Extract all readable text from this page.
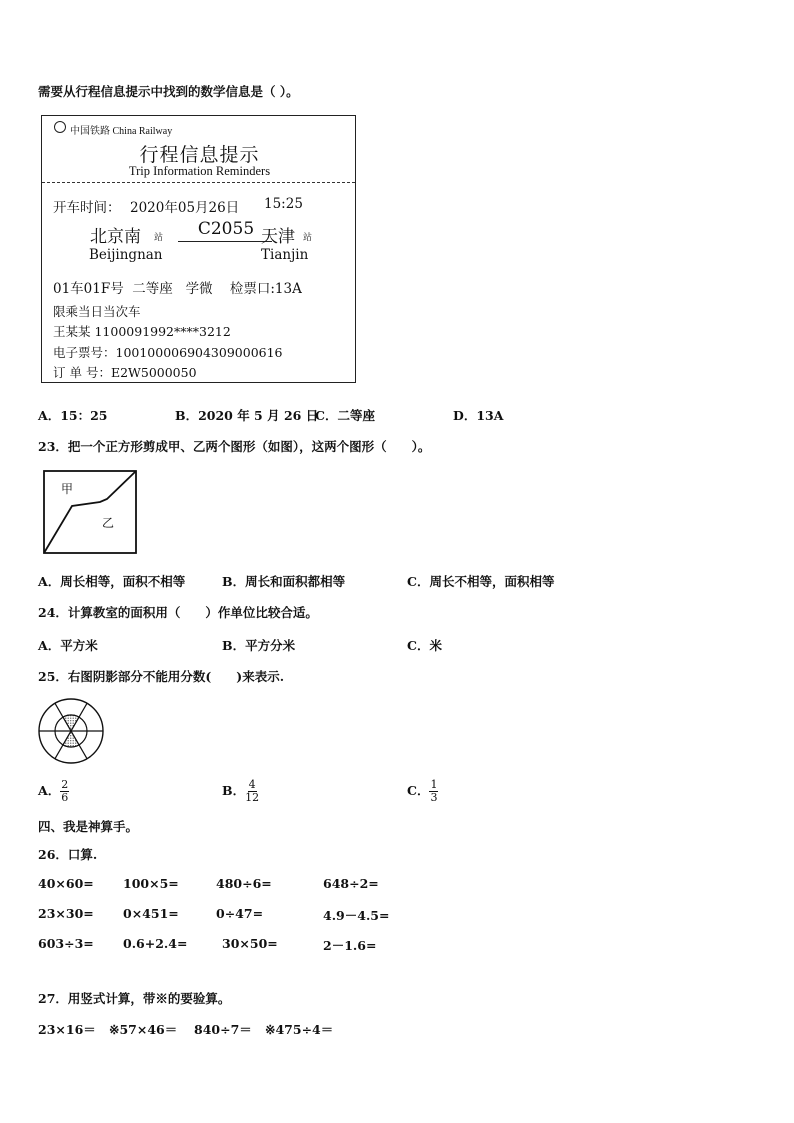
需要从行程信息提示中找到的数学信息是（ ）。
中国铁路 China Railway
行程信息提示
Trip Information Reminders
开车时间： 2020年05月26日 15:25
北京南 站	C2055 天津 站
Beijingnan	Tianjin
01车01F号  二等座   学微    检票口:13A
限乘当日当次车
王某某 1100091992****3212
电子票号：10010000690430900061​6
订 单 号：E2W5000050
A．15：25	B．2020 年 5 月 26 日
C．二等座	D．13A
23．把一个正方形剪成甲、乙两个图形（如图），这两个图形（　　）。
甲
乙
A．周长相等，面积不相等	B．周长和面积都相等	C．周长不相等，面积相等
24．计算教室的面积用（　　）作单位比较合适。
A．平方米	B．平方分米	C．米
25．右图阴影部分不能用分数(　　)来表示.
A． $\frac{2}{6}$	B． $\frac{4}{12}$	C． $\frac{1}{3}$
四、我是神算手。
26．口算.
40×60= 100×5=	480÷6=	648÷2=
23×30= 0×451=	0÷47=	4.9－4.5=
603÷3= 0.6+2.4=	30×50=	2－1.6=
27．用竖式计算，带※的要验算。
23×16＝ ※57×46＝ 840÷7＝ ※475÷4＝
